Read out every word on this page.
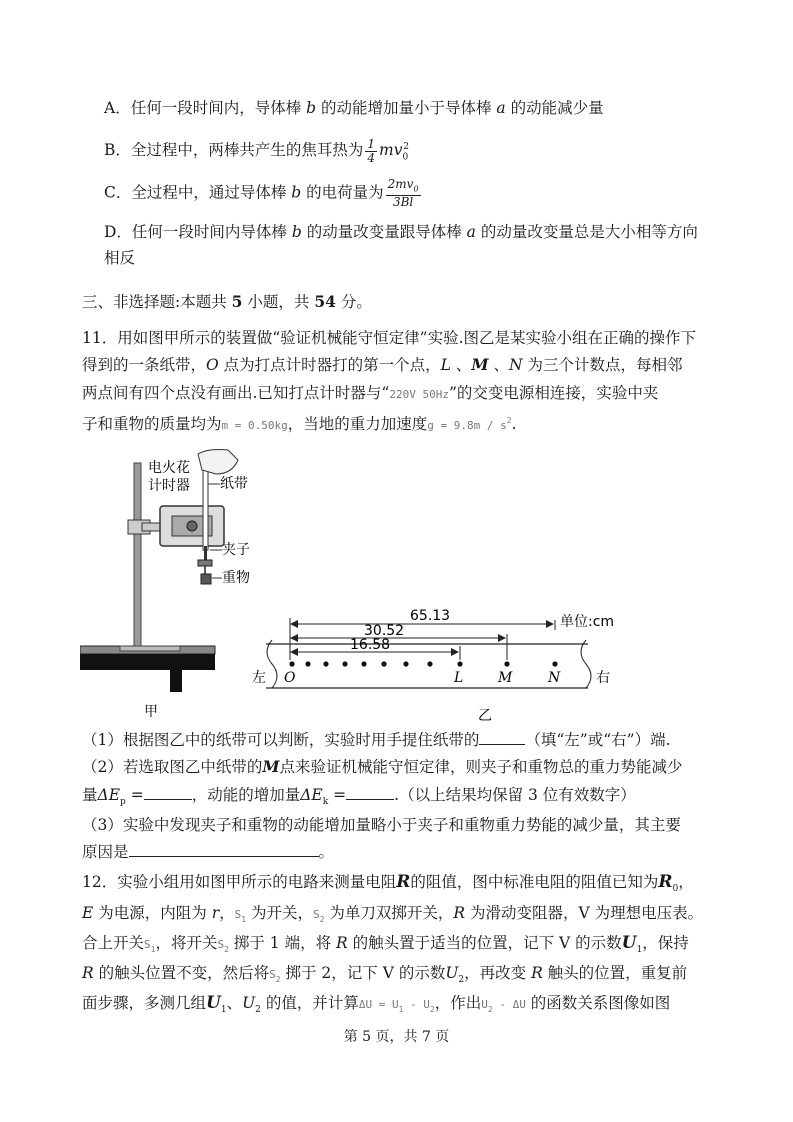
A．任何一段时间内，导体棒 b 的动能增加量小于导体棒 a 的动能减少量
B．全过程中，两棒共产生的焦耳热为 $\frac{1}{4} mv_0^2$
C．全过程中，通过导体棒 b 的电荷量为 $\frac{2mv_0}{3Bl}$
D．任何一段时间内导体棒 b 的动量改变量跟导体棒 a 的动量改变量总是大小相等方向
相反
三、非选择题:本题共 5 小题，共 54 分。
11．用如图甲所示的装置做“验证机械能守恒定律”实验.图乙是某实验小组在正确的操作下
得到的一条纸带，O 点为打点计时器打的第一个点，L 、M 、N 为三个计数点，每相邻
两点间有四个点没有画出.已知打点计时器与“220V 50Hz”的交变电源相连接，实验中夹
子和重物的质量均为m = 0.50kg，当地的重力加速度$g = 9.8m / s^2$.
电火花
计时器 纸带
夹子
重物
甲
65.13
30.52
16.58
单位:cm
左	右
O	L M	N
乙
（1）根据图乙中的纸带可以判断，实验时用手提住纸带的	（填“左”或“右”）端.
（2）若选取图乙中纸带的M点来验证机械能守恒定律，则夹子和重物总的重力势能减少
量$\Delta E_p$ =	，动能的增加量$\Delta E_k$ =	.（以上结果均保留 3 位有效数字）
（3）实验中发现夹子和重物的动能增加量略小于夹子和重物重力势能的减少量，其主要
原因是	。
12．实验小组用如图甲所示的电路来测量电阻R的阻值，图中标准电阻的阻值已知为$R_0$，
E 为电源，内阻为 r，$S_1$ 为开关，$S_2$ 为单刀双掷开关，R 为滑动变阻器，V 为理想电压表。
合上开关$S_1$，将开关$S_2$ 掷于 1 端，将 R 的触头置于适当的位置，记下 V 的示数$U_1$，保持
R 的触头位置不变，然后将$S_2$ 掷于 2，记下 V 的示数$U_2$，再改变 R 触头的位置，重复前
面步骤，多测几组$U_1$、$U_2$ 的值，并计算$\Delta U = U_1 - U_2$，作出$U_2$ - ΔU 的函数关系图像如图
第 5 页，共 7 页
